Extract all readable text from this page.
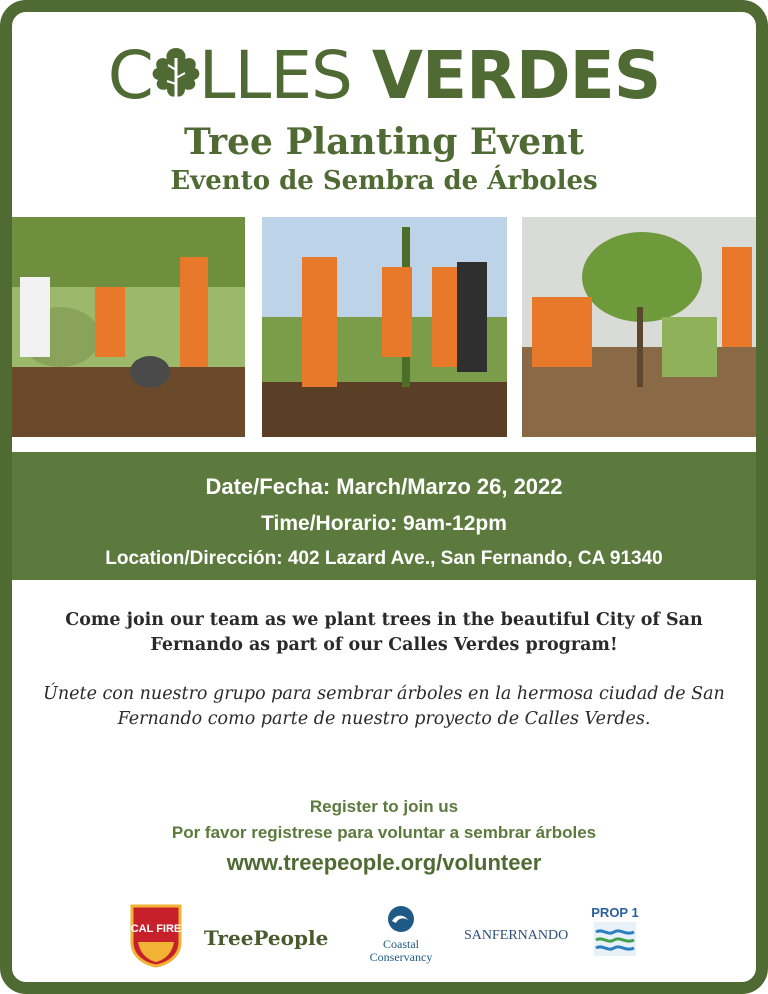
C LLES VERDES
Tree Planting Event
Evento de Sembra de Árboles
Date/Fecha: March/Marzo 26, 2022
Time/Horario: 9am-12pm
Location/Dirección: 402 Lazard Ave., San Fernando, CA 91340
Come join our team as we plant trees in the beautiful City of San Fernando as part of our Calles Verdes program!
Únete con nuestro grupo para sembrar árboles en la hermosa ciudad de San Fernando como parte de nuestro proyecto de Calles Verdes.
Register to join us
Por favor registrese para voluntar a sembrar árboles
www.treepeople.org/volunteer
CAL FIRE TreePeople	Coastal
Conservancy
SANFERNANDO
PROP 1
